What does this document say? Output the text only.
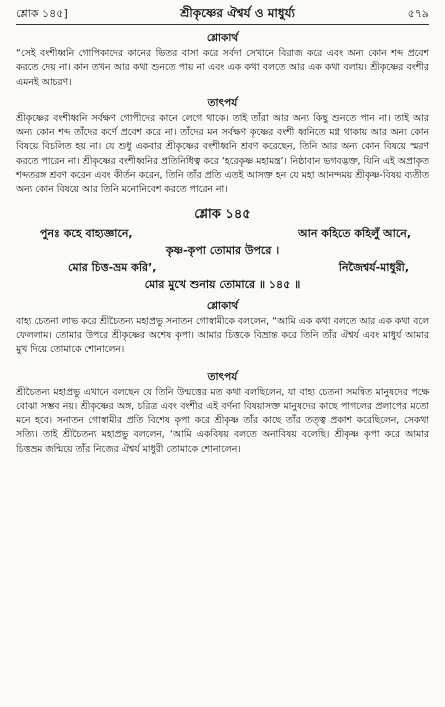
শ্লোক ১৪৫]	শ্রীকৃষ্ণের ঐশ্বর্য ও মাধুর্য্য	৫৭৯
শ্লোকার্থ

“সেই বংশীধ্বনি গোপিকাদের কানের ভিতর বাসা করে সর্বদা সেখানে বিরাজ করে এবং অন্য কোন শব্দ প্রবেশ করতে দেয় না। কান তখন আর কথা শুনতে পায় না এবং এক কথা বলতে আর এক কথা বলায়। শ্রীকৃষ্ণের বংশীর এমনই আচরণ।

তাৎপর্য

শ্রীকৃষ্ণের বংশীধ্বনি সর্বক্ষণ গোপীদের কানে লেগে থাকে। তাই তাঁরা আর অন্য কিছু শুনতে পান না। তাই আর অন্য কোন শব্দ তাঁদের কর্ণে প্রবেশ করে না। তাঁদের মন সর্বক্ষণ কৃষ্ণের বংশী ধ্বনিতে মগ্ন থাকায় আর অন্য কোন বিষয়ে বিচলিত হয় না। যে শুধু একবার শ্রীকৃষ্ণের বংশীধ্বনি শ্রবণ করেছেন, তিনি আর অন্য কোন বিষয়ে স্মরণ করতে পারেন না। শ্রীকৃষ্ণের বংশীধ্বনির প্রতিনিধিত্ব করে ‘হরেকৃষ্ণ মহামন্ত্র’। নিষ্ঠাবান ভগবদ্ভক্ত, যিনি এই অপ্রাকৃত শব্দতরঙ্গ শ্রবণ করেন এবং কীর্তন করেন, তিনি তাঁর প্রতি এতই আসক্ত হন যে মহা আনন্দময় শ্রীকৃষ্ণ-বিষয় ব্যতীত অন্য কোন বিষয়ে আর তিনি মনোনিবেশ করতে পারেন না।

শ্লোক ১৪৫
পুনঃ কহে বাহ্যজ্ঞানে,	আন কহিতে কহিলুঁ আনে,
কৃষ্ণ-কৃপা তোমার উপরে ।
মোর চিত্ত-ভ্রম করি’,	নিজৈশ্বর্য-মাধুরী,
মোর মুখে শুনায় তোমারে ॥ ১৪৫ ॥
শ্লোকার্থ

বাহ্য চেতনা লাভ করে শ্রীচৈতন্য মহাপ্রভু সনাতন গোস্বামীকে বললেন, “আমি এক কথা বলতে আর এক কথা বলে ফেললাম। তোমার উপরে শ্রীকৃষ্ণের অশেষ কৃপা। আমার চিত্তকে বিভ্রান্ত করে তিনি তাঁর ঐশ্বর্য এবং মাধুর্য আমার মুখ দিয়ে তোমাকে শোনালেন।

তাৎপর্য

শ্রীচৈতন্য মহাপ্রভু এখানে বলছেন যে তিনি উন্মত্তের মত কথা বলছিলেন, যা বাহ্য চেতনা সমন্বিত মানুষদের পক্ষে বোঝা সম্ভব নয়। শ্রীকৃষ্ণের অঙ্গ, চরিত্র এবং বংশীর এই বর্ণনা বিষয়াসক্ত মানুষদের কাছে পাগলের প্রলাপের মতো মনে হবে। সনাতন গোস্বামীর প্রতি বিশেষ কৃপা করে শ্রীকৃষ্ণ তাঁর কাছে তাঁর তত্ত্ব প্রকাশ করেছিলেন, সেকথা সত্যি। তাই শ্রীচৈতন্য মহাপ্রভু বললেন, ‘আমি একবিষয় বলতে অনাবিষয় বলেছি। শ্রীকৃষ্ণ কৃপা করে আমার চিত্তভ্রম জন্মিয়ে তাঁর নিজের ঐশ্বর্য মাধুরী তোমাকে শোনালেন।
